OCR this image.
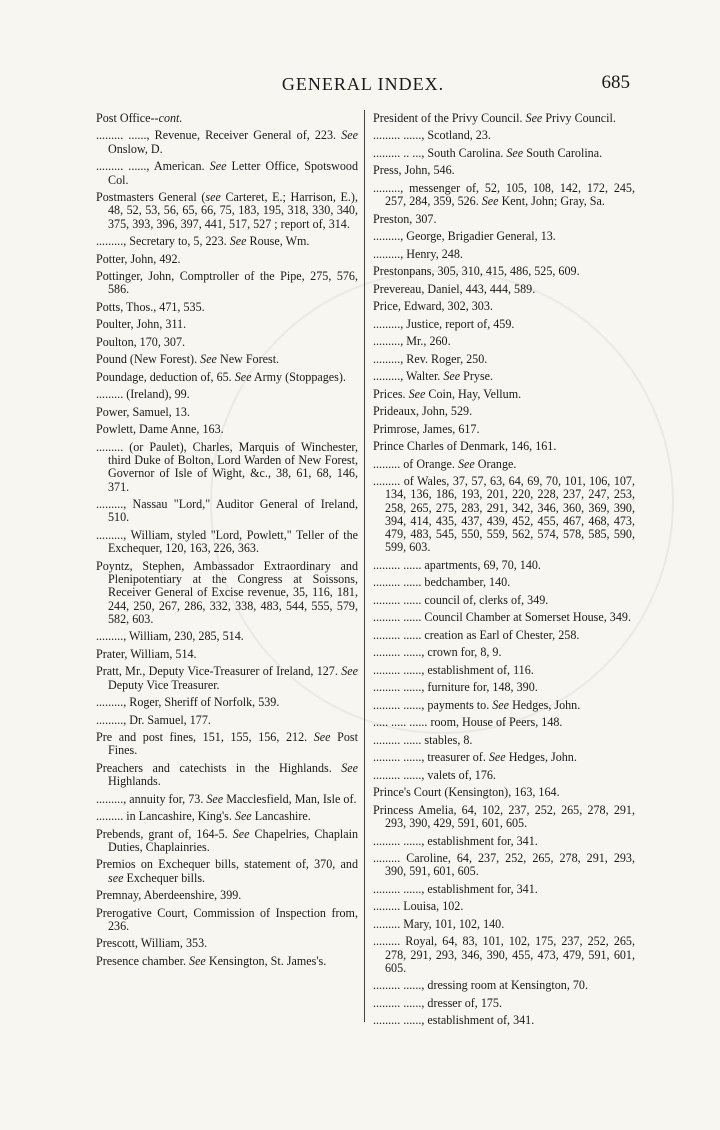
GENERAL INDEX.	685
Post Office--cont.
......... ......, Revenue, Receiver General of, 223. See Onslow, D.
......... ......, American. See Letter Office, Spotswood Col.
Postmasters General (see Carteret, E.; Harrison, E.), 48, 52, 53, 56, 65, 66, 75, 183, 195, 318, 330, 340, 375, 393, 396, 397, 441, 517, 527 ; report of, 314.
........., Secretary to, 5, 223. See Rouse, Wm.
Potter, John, 492.
Pottinger, John, Comptroller of the Pipe, 275, 576, 586.
Potts, Thos., 471, 535.
Poulter, John, 311.
Poulton, 170, 307.
Pound (New Forest). See New Forest.
Poundage, deduction of, 65. See Army (Stoppages).
......... (Ireland), 99.
Power, Samuel, 13.
Powlett, Dame Anne, 163.
......... (or Paulet), Charles, Marquis of Winchester, third Duke of Bolton, Lord Warden of New Forest, Governor of Isle of Wight, &c., 38, 61, 68, 146, 371.
........., Nassau "Lord," Auditor General of Ireland, 510.
........., William, styled "Lord, Powlett," Teller of the Exchequer, 120, 163, 226, 363.
Poyntz, Stephen, Ambassador Extraordinary and Plenipotentiary at the Congress at Soissons, Receiver General of Excise revenue, 35, 116, 181, 244, 250, 267, 286, 332, 338, 483, 544, 555, 579, 582, 603.
........., William, 230, 285, 514.
Prater, William, 514.
Pratt, Mr., Deputy Vice-Treasurer of Ireland, 127. See Deputy Vice Treasurer.
........., Roger, Sheriff of Norfolk, 539.
........., Dr. Samuel, 177.
Pre and post fines, 151, 155, 156, 212. See Post Fines.
Preachers and catechists in the Highlands. See Highlands.
........., annuity for, 73. See Macclesfield, Man, Isle of.
......... in Lancashire, King's. See Lancashire.
Prebends, grant of, 164-5. See Chapelries, Chaplain Duties, Chaplainries.
Premios on Exchequer bills, statement of, 370, and see Exchequer bills.
Premnay, Aberdeenshire, 399.
Prerogative Court, Commission of Inspection from, 236.
Prescott, William, 353.
Presence chamber. See Kensington, St. James's.
President of the Privy Council. See Privy Council.
......... ......, Scotland, 23.
......... .. ..., South Carolina. See South Carolina.
Press, John, 546.
........., messenger of, 52, 105, 108, 142, 172, 245, 257, 284, 359, 526. See Kent, John; Gray, Sa.
Preston, 307.
........., George, Brigadier General, 13.
........., Henry, 248.
Prestonpans, 305, 310, 415, 486, 525, 609.
Prevereau, Daniel, 443, 444, 589.
Price, Edward, 302, 303.
........., Justice, report of, 459.
........., Mr., 260.
........., Rev. Roger, 250.
........., Walter. See Pryse.
Prices. See Coin, Hay, Vellum.
Prideaux, John, 529.
Primrose, James, 617.
Prince Charles of Denmark, 146, 161.
......... of Orange. See Orange.
......... of Wales, 37, 57, 63, 64, 69, 70, 101, 106, 107, 134, 136, 186, 193, 201, 220, 228, 237, 247, 253, 258, 265, 275, 283, 291, 342, 346, 360, 369, 390, 394, 414, 435, 437, 439, 452, 455, 467, 468, 473, 479, 483, 545, 550, 559, 562, 574, 578, 585, 590, 599, 603.
......... ...... apartments, 69, 70, 140.
......... ...... bedchamber, 140.
......... ...... council of, clerks of, 349.
......... ...... Council Chamber at Somerset House, 349.
......... ...... creation as Earl of Chester, 258.
......... ......, crown for, 8, 9.
......... ......, establishment of, 116.
......... ......, furniture for, 148, 390.
......... ......, payments to. See Hedges, John.
..... ..... ...... room, House of Peers, 148.
......... ...... stables, 8.
......... ......, treasurer of. See Hedges, John.
......... ......, valets of, 176.
Prince's Court (Kensington), 163, 164.
Princess Amelia, 64, 102, 237, 252, 265, 278, 291, 293, 390, 429, 591, 601, 605.
......... ......, establishment for, 341.
......... Caroline, 64, 237, 252, 265, 278, 291, 293, 390, 591, 601, 605.
......... ......, establishment for, 341.
......... Louisa, 102.
......... Mary, 101, 102, 140.
......... Royal, 64, 83, 101, 102, 175, 237, 252, 265, 278, 291, 293, 346, 390, 455, 473, 479, 591, 601, 605.
......... ......, dressing room at Kensington, 70.
......... ......, dresser of, 175.
......... ......, establishment of, 341.
